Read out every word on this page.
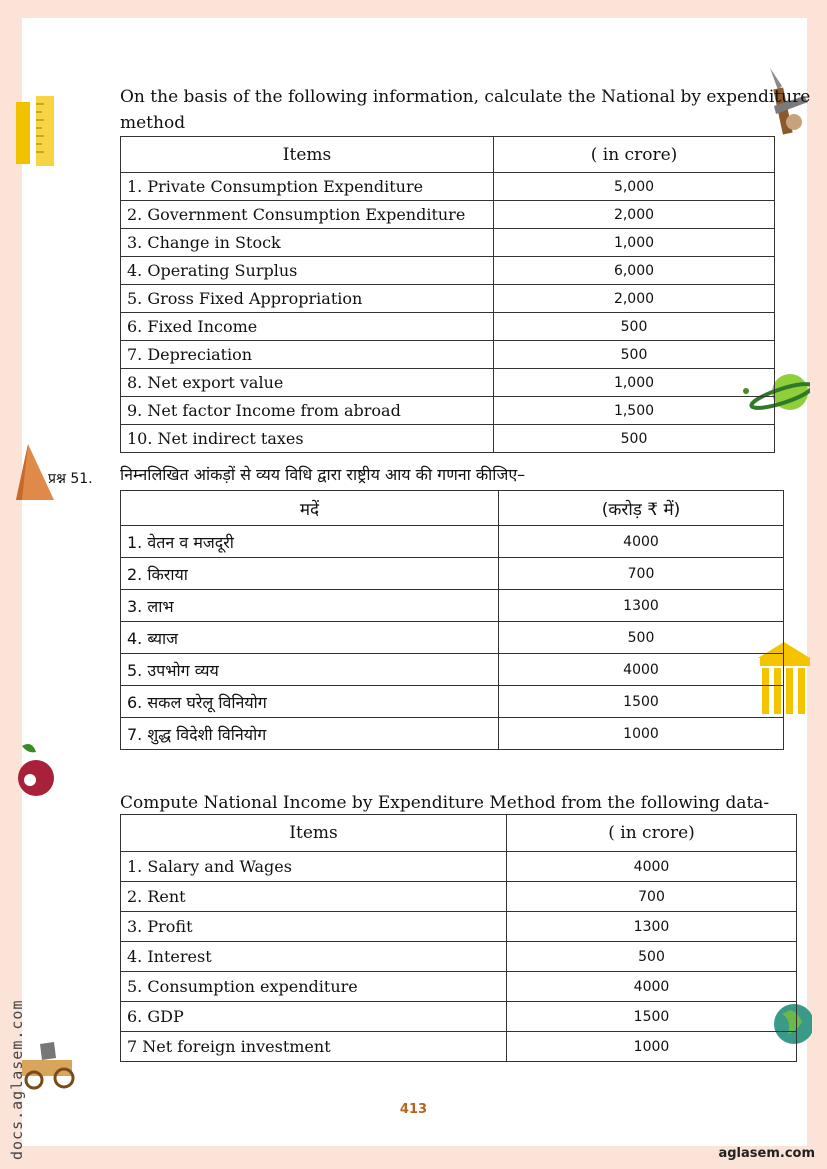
On the basis of the following information, calculate the National by expenditure
method
Items	( in crore)
1. Private Consumption Expenditure	5,000
2. Government Consumption Expenditure	2,000
3. Change in Stock	1,000
4. Operating Surplus	6,000
5. Gross Fixed Appropriation	2,000
6. Fixed Income	500
7. Depreciation	500
8. Net export value	1,000
9. Net factor Income from abroad	1,500
10. Net indirect taxes	500
प्रश्न 51. निम्नलिखित आंकड़ों से व्यय विधि द्वारा राष्ट्रीय आय की गणना कीजिए–
मदें	(करोड़ ₹ में)
1. वेतन व मजदूरी	4000
2. किराया	700
3. लाभ	1300
4. ब्याज	500
5. उपभोग व्यय	4000
6. सकल घरेलू विनियोग	1500
7. शुद्ध विदेशी विनियोग	1000
Compute National Income by Expenditure Method from the following data-
Items	( in crore)
1. Salary and Wages	4000
2. Rent	700
3. Profit	1300
4. Interest	500
5. Consumption expenditure	4000
6. GDP	1500
7 Net foreign investment	1000
413
aglasem.com
docs.aglasem.com
